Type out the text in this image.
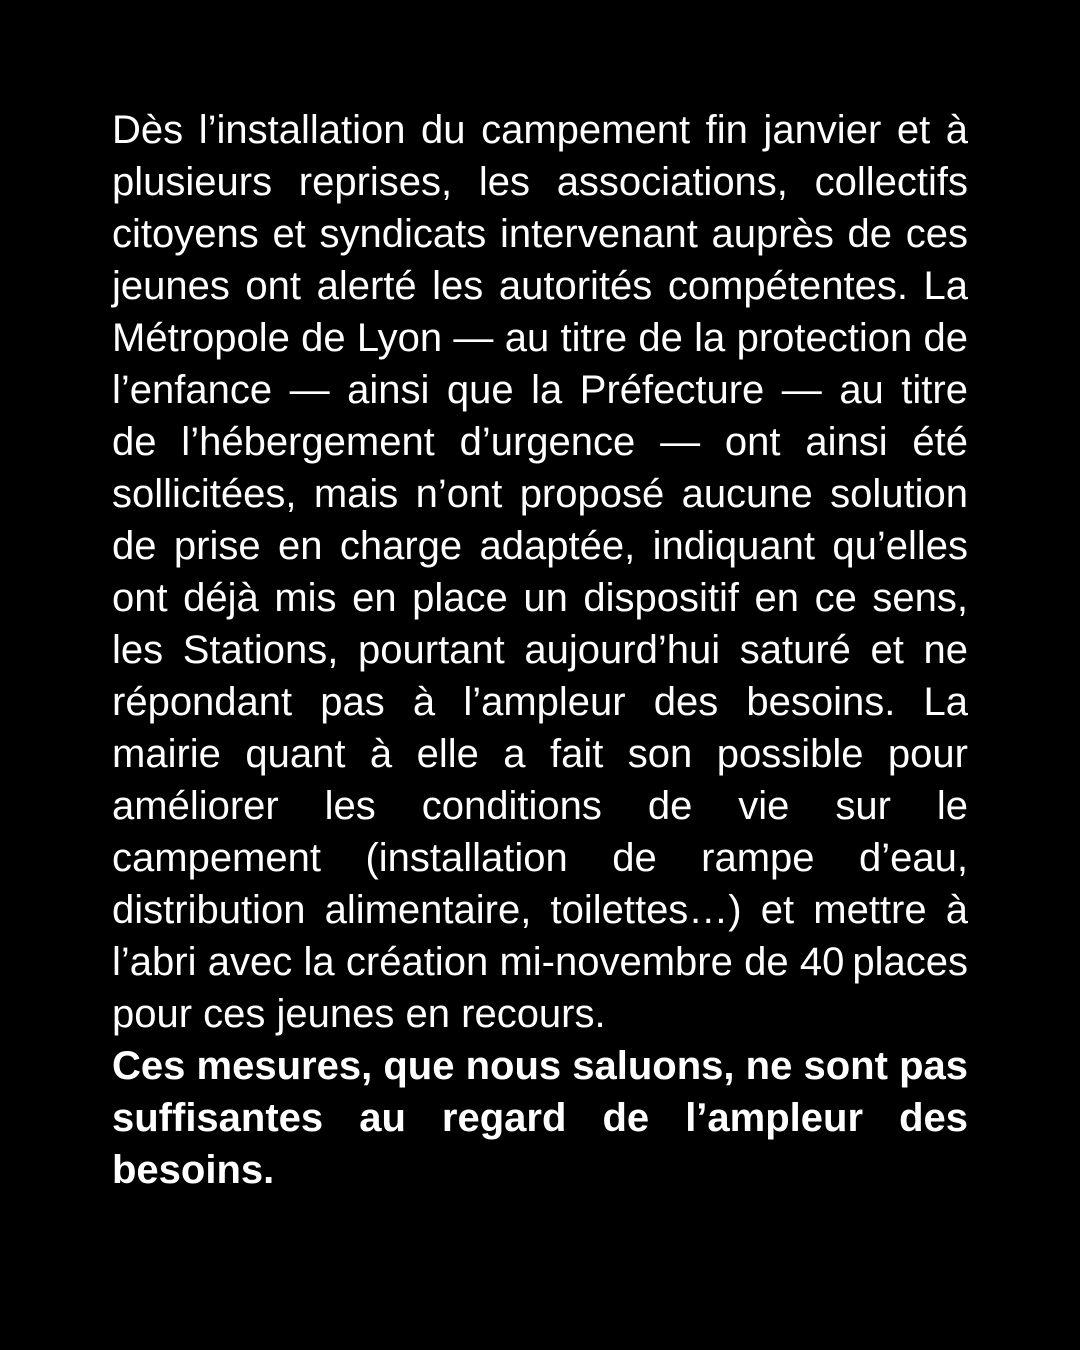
Dès l’installation du campement fin janvier et à plusieurs reprises, les associations, collectifs citoyens et syndicats intervenant auprès de ces jeunes ont alerté les autorités compétentes. La Métropole de Lyon — au titre de la protection de l’enfance — ainsi que la Préfecture — au titre de l’hébergement d’urgence — ont ainsi été sollicitées, mais n’ont proposé aucune solution de prise en charge adaptée, indiquant qu’elles ont déjà mis en place un dispositif en ce sens, les Stations, pourtant aujourd’hui saturé et ne répondant pas à l’ampleur des besoins. La mairie quant à elle a fait son possible pour améliorer les conditions de vie sur le campement (installation de rampe d’eau, distribution alimentaire, toilettes…) et mettre à l’abri avec la création mi-novembre de 40 places pour ces jeunes en recours.

Ces mesures, que nous saluons, ne sont pas suffisantes au regard de l’ampleur des besoins.
